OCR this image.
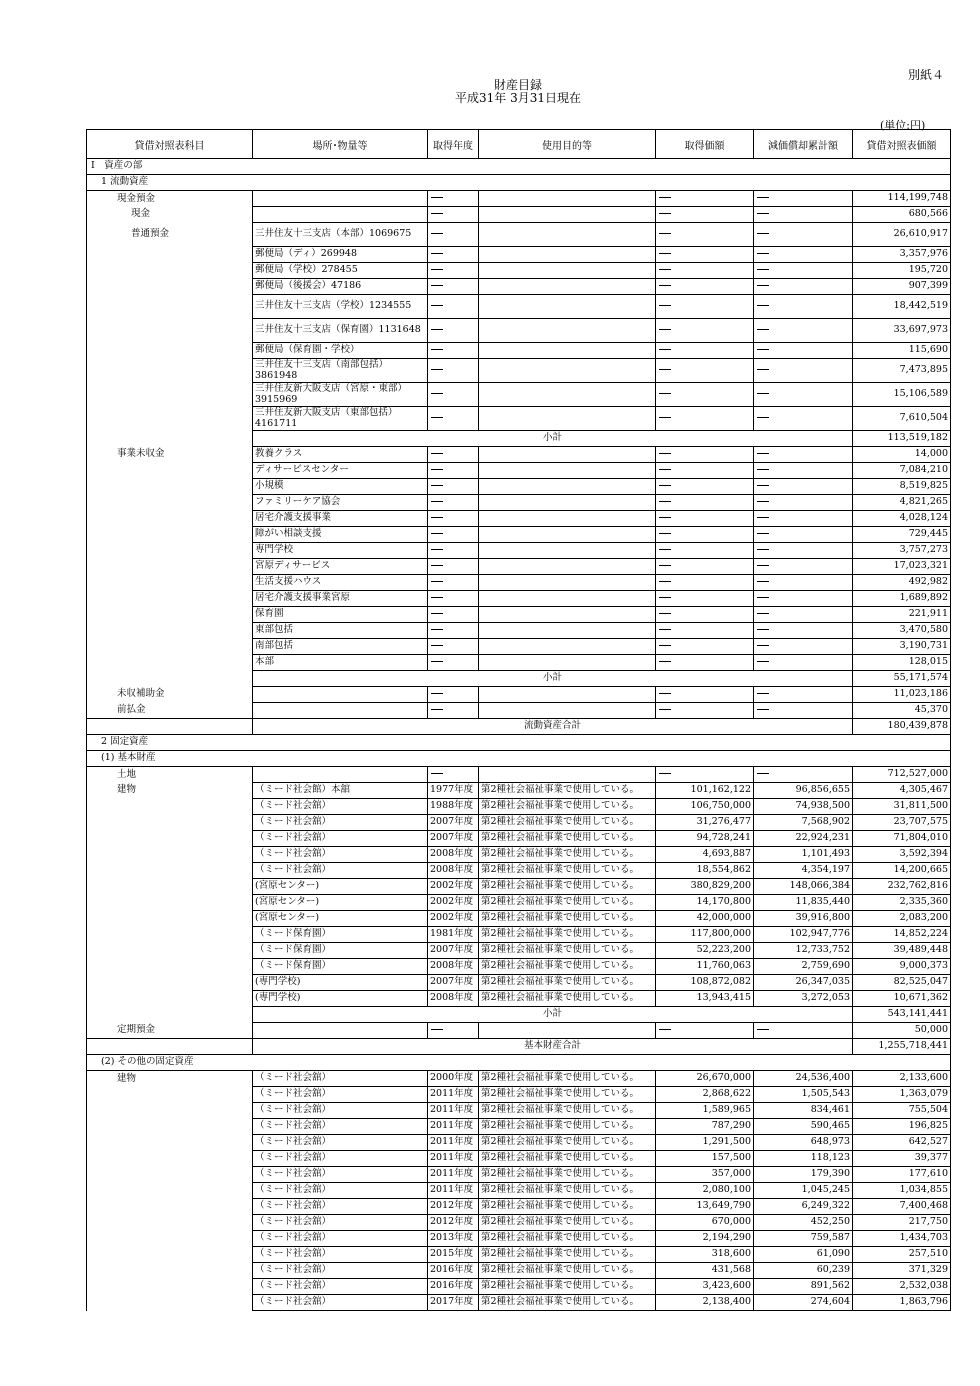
別紙４
財産目録
平成31年 3月31日現在
(単位:円)
貸借対照表科目	場所･物量等	取得年度	使用目的等	取得価額	減価償却累計額	貸借対照表価額
Ⅰ　資産の部						
1 流動資産						
現金預金						114,199,748
現金						680,566
普通預金	三井住友十三支店（本部）1069675					26,610,917
	郵便局（ディ）269948					3,357,976
	郵便局（学校）278455					195,720
	郵便局（後援会）47186					907,399
	三井住友十三支店（学校）1234555					18,442,519
	三井住友十三支店（保育園）1131648					33,697,973
	郵便局（保育園・学校）					115,690
	三井住友十三支店（南部包括）3861948					7,473,895
	三井住友新大阪支店（宮原・東部）3915969					15,106,589
	三井住友新大阪支店（東部包括）4161711					7,610,504
	小計					113,519,182
事業未収金	教養クラス					14,000
	ディサービスセンター					7,084,210
	小規模					8,519,825
	ファミリーケア協会					4,821,265
	居宅介護支援事業					4,028,124
	障がい相談支援					729,445
	専門学校					3,757,273
	宮原ディサービス					17,023,321
	生活支援ハウス					492,982
	居宅介護支援事業宮原					1,689,892
	保育園					221,911
	東部包括					3,470,580
	南部包括					3,190,731
	本部					128,015
	小計					55,171,574
未収補助金						11,023,186
前払金						45,370
	流動資産合計					180,439,878
2 固定資産						
(1) 基本財産						
土地						712,527,000
建物	（ミード社会館）本舘	1977年度	第2種社会福祉事業で使用している。	101,162,122	96,856,655	4,305,467
	（ミード社会舘）	1988年度	第2種社会福祉事業で使用している。	106,750,000	74,938,500	31,811,500
	（ミード社会舘）	2007年度	第2種社会福祉事業で使用している。	31,276,477	7,568,902	23,707,575
	（ミード社会舘）	2007年度	第2種社会福祉事業で使用している。	94,728,241	22,924,231	71,804,010
	（ミード社会舘）	2008年度	第2種社会福祉事業で使用している。	4,693,887	1,101,493	3,592,394
	（ミード社会舘）	2008年度	第2種社会福祉事業で使用している。	18,554,862	4,354,197	14,200,665
	(宮原センター)	2002年度	第2種社会福祉事業で使用している。	380,829,200	148,066,384	232,762,816
	(宮原センター)	2002年度	第2種社会福祉事業で使用している。	14,170,800	11,835,440	2,335,360
	(宮原センター)	2002年度	第2種社会福祉事業で使用している。	42,000,000	39,916,800	2,083,200
	（ミード保育園）	1981年度	第2種社会福祉事業で使用している。	117,800,000	102,947,776	14,852,224
	（ミード保育園）	2007年度	第2種社会福祉事業で使用している。	52,223,200	12,733,752	39,489,448
	（ミード保育園）	2008年度	第2種社会福祉事業で使用している。	11,760,063	2,759,690	9,000,373
	(専門学校)	2007年度	第2種社会福祉事業で使用している。	108,872,082	26,347,035	82,525,047
	(専門学校)	2008年度	第2種社会福祉事業で使用している。	13,943,415	3,272,053	10,671,362
	小計					543,141,441
定期預金						50,000
	基本財産合計					1,255,718,441
(2) その他の固定資産						
建物	（ミード社会舘）	2000年度	第2種社会福祉事業で使用している。	26,670,000	24,536,400	2,133,600
	（ミード社会舘）	2011年度	第2種社会福祉事業で使用している。	2,868,622	1,505,543	1,363,079
	（ミード社会舘）	2011年度	第2種社会福祉事業で使用している。	1,589,965	834,461	755,504
	（ミード社会舘）	2011年度	第2種社会福祉事業で使用している。	787,290	590,465	196,825
	（ミード社会舘）	2011年度	第2種社会福祉事業で使用している。	1,291,500	648,973	642,527
	（ミード社会舘）	2011年度	第2種社会福祉事業で使用している。	157,500	118,123	39,377
	（ミード社会舘）	2011年度	第2種社会福祉事業で使用している。	357,000	179,390	177,610
	（ミード社会舘）	2011年度	第2種社会福祉事業で使用している。	2,080,100	1,045,245	1,034,855
	（ミード社会舘）	2012年度	第2種社会福祉事業で使用している。	13,649,790	6,249,322	7,400,468
	（ミード社会舘）	2012年度	第2種社会福祉事業で使用している。	670,000	452,250	217,750
	（ミード社会舘）	2013年度	第2種社会福祉事業で使用している。	2,194,290	759,587	1,434,703
	（ミード社会舘）	2015年度	第2種社会福祉事業で使用している。	318,600	61,090	257,510
	（ミード社会舘）	2016年度	第2種社会福祉事業で使用している。	431,568	60,239	371,329
	（ミード社会舘）	2016年度	第2種社会福祉事業で使用している。	3,423,600	891,562	2,532,038
	（ミード社会舘）	2017年度	第2種社会福祉事業で使用している。	2,138,400	274,604	1,863,796
